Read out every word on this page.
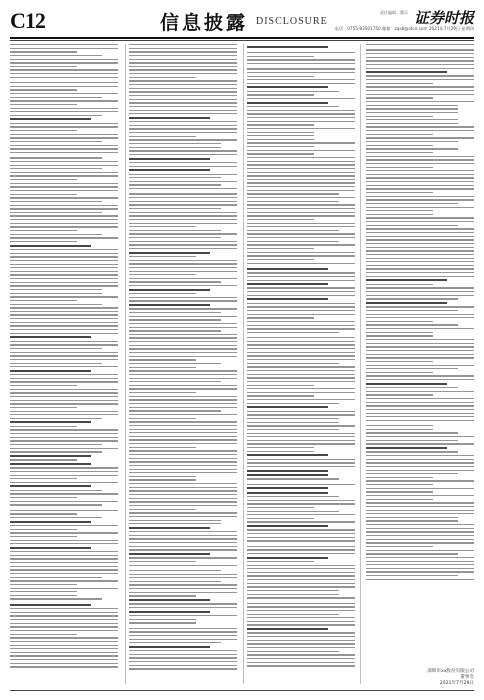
C12	信息披露 DISCLOSURE
责任编辑：董乐 证券时报
电话：0755-83501750 邮箱：zqsb@stcn.com 2021年7月29日 星期四
深圳市xx股份有限公司
董事会
2021年7月29日
